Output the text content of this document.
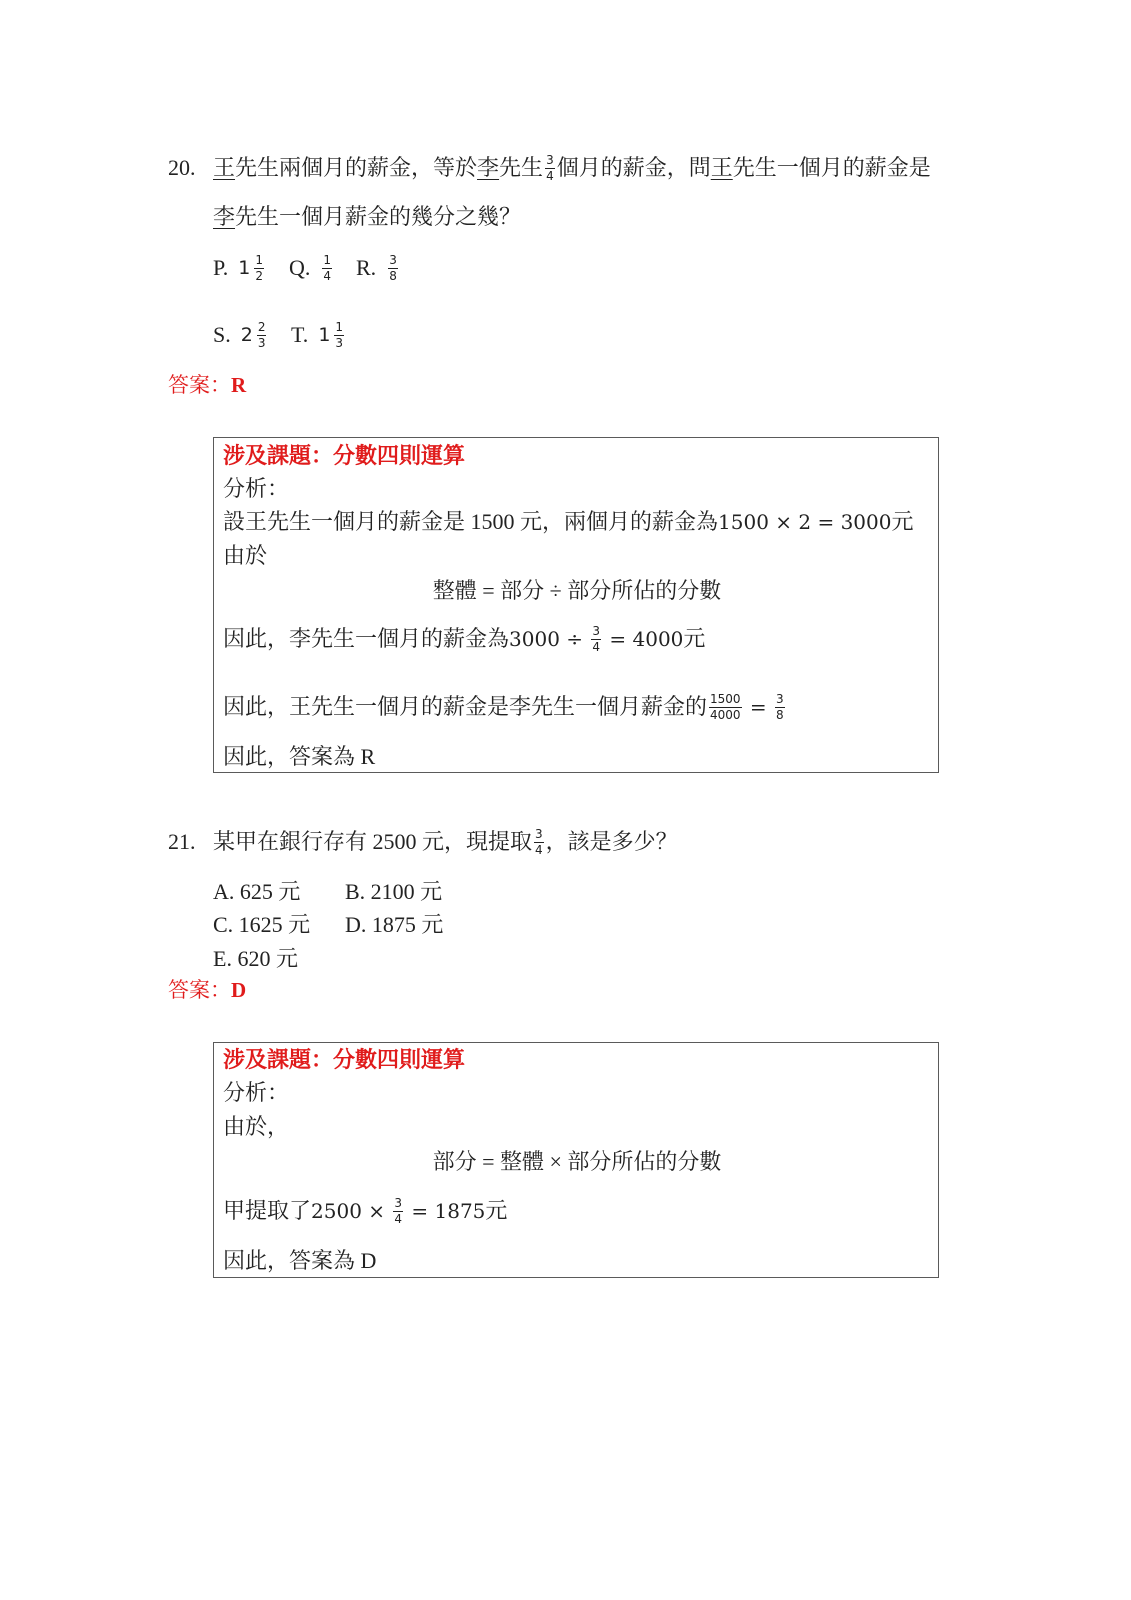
20. 王 先生兩個月的薪金，等於 李 先生 $\frac{3}{4}$ 個月的薪金，問 王 先生一個月的薪金是
李 先生一個月薪金的幾分之幾？
P. $1 \frac{1}{2} Q$. $\frac{1}{4} R$. $\frac{3}{8}$
S. $2 \frac{2}{3} T$. $1 \frac{1}{3}$
答案： R
涉及課題：分數四則運算
分析：
設王先生一個月的薪金是 1500 元，兩個月的薪金為 1500 × 2 = 3000 元
由於
整體 = 部分 ÷ 部分所佔的分數
因此，李先生一個月的薪金為 $3000 \div \frac{3}{4} = 4000$ 元
因此，王先生一個月的薪金是李先生一個月薪金的 $\frac{1500}{4000} = \frac{3}{8}$
因此，答案為 R
21. 某甲在銀行存有 2500 元，現提取 $\frac{3}{4}$ ，該是多少？
A. 625 元 B. 2100 元
C. 1625 元 D. 1875 元
E. 620 元
答案： D
涉及課題：分數四則運算
分析：
由於，
部分 = 整體 × 部分所佔的分數
甲提取了 $2500 \times \frac{3}{4} = 1875$ 元
因此，答案為 D
